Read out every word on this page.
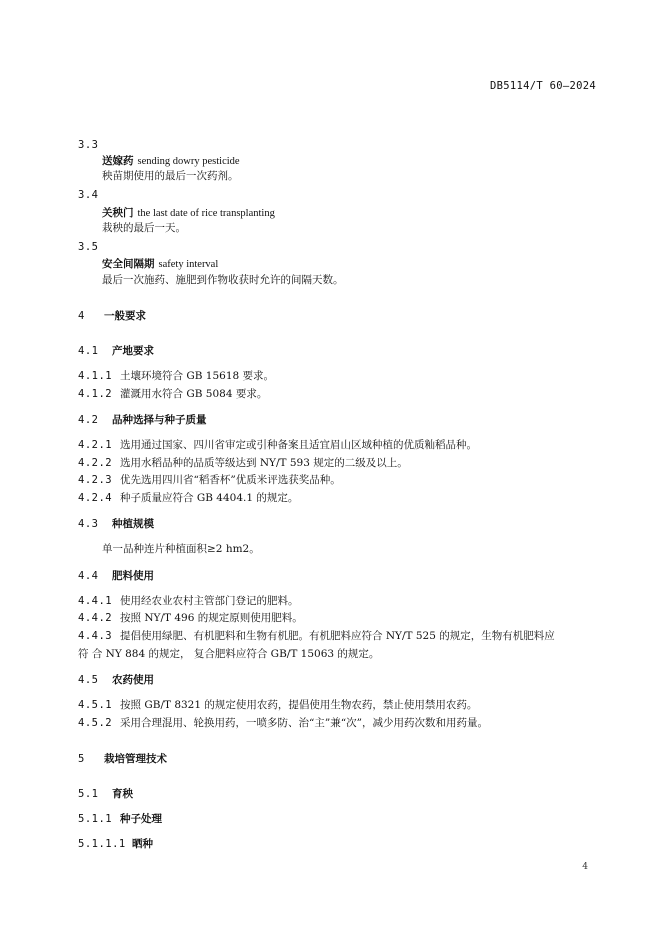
DB5114/T 60—2024
3.3
送嫁药 sending dowry pesticide
秧苗期使用的最后一次药剂。
3.4
关秧门 the last date of rice transplanting
栽秧的最后一天。
3.5
安全间隔期 safety interval
最后一次施药、施肥到作物收获时允许的间隔天数。
4 一般要求
4.1 产地要求
4.1.1 土壤环境符合 GB 15618 要求。
4.1.2 灌溉用水符合 GB 5084 要求。
4.2 品种选择与种子质量
4.2.1 选用通过国家、四川省审定或引种备案且适宜眉山区域种植的优质籼稻品种。
4.2.2 选用水稻品种的品质等级达到 NY/T 593 规定的二级及以上。
4.2.3 优先选用四川省“稻香杯”优质米评选获奖品种。
4.2.4 种子质量应符合 GB 4404.1 的规定。
4.3 种植规模
单一品种连片种植面积≥2 hm2。
4.4 肥料使用
4.4.1 使用经农业农村主管部门登记的肥料。
4.4.2 按照 NY/T 496 的规定原则使用肥料。
4.4.3 提倡使用绿肥、有机肥料和生物有机肥。有机肥料应符合 NY/T 525 的规定，生物有机肥料应
符 合 NY 884 的规定， 复合肥料应符合 GB/T 15063 的规定。
4.5 农药使用
4.5.1 按照 GB/T 8321 的规定使用农药，提倡使用生物农药，禁止使用禁用农药。
4.5.2 采用合理混用、轮换用药，一喷多防、治“主”兼“次”，减少用药次数和用药量。
5 栽培管理技术
5.1 育秧
5.1.1 种子处理
5.1.1.1 晒种
4
